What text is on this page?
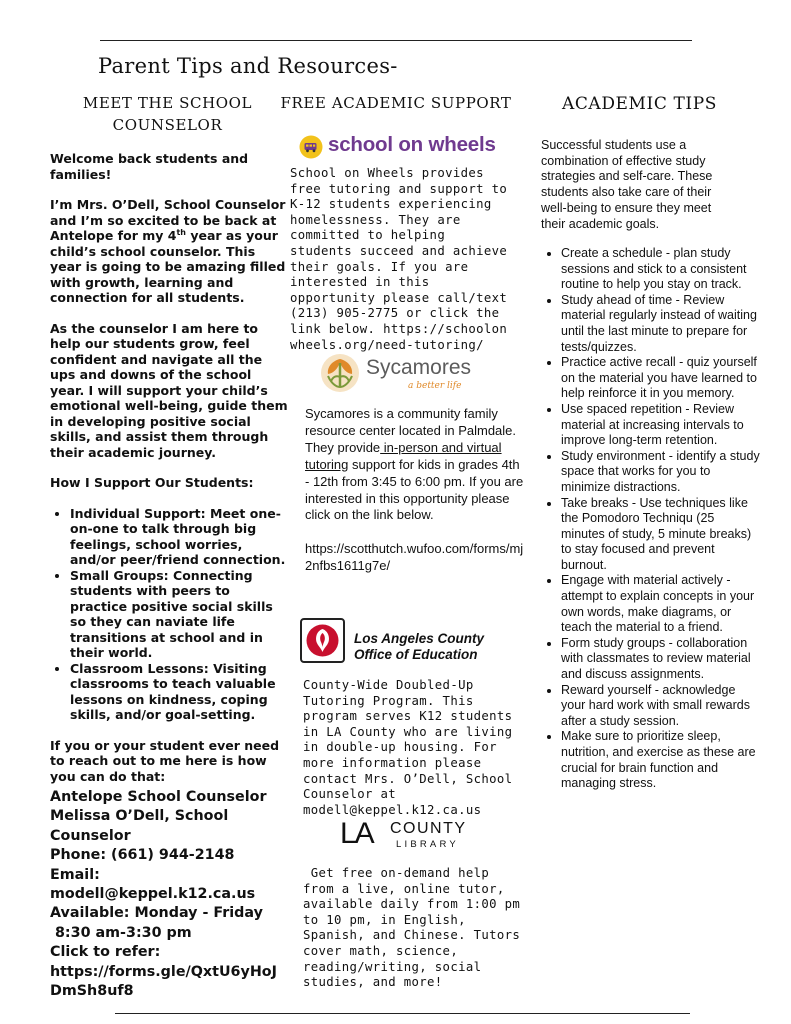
Parent Tips and Resources-
MEET THE SCHOOL COUNSELOR
FREE ACADEMIC SUPPORT	ACADEMIC TIPS

Welcome back students and families!

I’m Mrs. O’Dell, School Counselor and I’m so excited to be back at Antelope for my 4th year as your child’s school counselor. This year is going to be amazing filled with growth, learning and connection for all students.

As the counselor I am here to help our students grow, feel confident and navigate all the ups and downs of the school year. I will support your child’s emotional well-being, guide them in developing positive social skills, and assist them through their academic journey.

How I Support Our Students:

• Individual Support: Meet one-on-one to talk through big feelings, school worries, and/or peer/friend connection.
• Small Groups: Connecting students with peers to practice positive social skills so they can naviate life transitions at school and in their world.
• Classroom Lessons: Visiting classrooms to teach valuable lessons on kindness, coping skills, and/or goal-setting.

If you or your student ever need to reach out to me here is how you can do that:

Antelope School Counselor
Melissa O’Dell, School Counselor
Phone: (661) 944-2148
Email:
modell@keppel.k12.ca.us
Available: Monday - Friday
8:30 am-3:30 pm
Click to refer:
https://forms.gle/QxtU6yHoJDmSh8uf8
school on wheels
School on Wheels provides free tutoring and support to K-12 students experiencing homelessness. They are committed to helping students succeed and achieve their goals. If you are interested in this opportunity please call/text (213) 905-2775 or click the link below. https://schoolonwheels.org/need-tutoring/
Sycamores
a better life
Sycamores is a community family resource center located in Palmdale. They provide in-person and virtual tutoring support for kids in grades 4th - 12th from 3:45 to 6:00 pm. If you are interested in this opportunity please click on the link below.
https://scotthutch.wufoo.com/forms/mj2nfbs1611g7e/
Los Angeles County
Office of Education
County-Wide Doubled-Up Tutoring Program. This program serves K12 students in LA County who are living in double-up housing. For more information please contact Mrs. O’Dell, School Counselor at modell@keppel.k12.ca.us
LA COUNTY
LIBRARY
Get free on-demand help from a live, online tutor, available daily from 1:00 pm to 10 pm, in English, Spanish, and Chinese. Tutors cover math, science, reading/writing, social studies, and more!
Successful students use a combination of effective study strategies and self-care. These students also take care of their well-being to ensure they meet their academic goals.
• Create a schedule - plan study sessions and stick to a consistent routine to help you stay on track.
• Study ahead of time - Review material regularly instead of waiting until the last minute to prepare for tests/quizzes.
• Practice active recall - quiz yourself on the material you have learned to help reinforce it in you memory.
• Use spaced repetition - Review material at increasing intervals to improve long-term retention.
• Study environment - identify a study space that works for you to minimize distractions.
• Take breaks - Use techniques like the Pomodoro Techniqu (25 minutes of study, 5 minute breaks) to stay focused and prevent burnout.
• Engage with material actively - attempt to explain concepts in your own words, make diagrams, or teach the material to a friend.
• Form study groups - collaboration with classmates to review material and discuss assignments.
• Reward yourself - acknowledge your hard work with small rewards after a study session.
• Make sure to prioritize sleep, nutrition, and exercise as these are crucial for brain function and managing stress.
